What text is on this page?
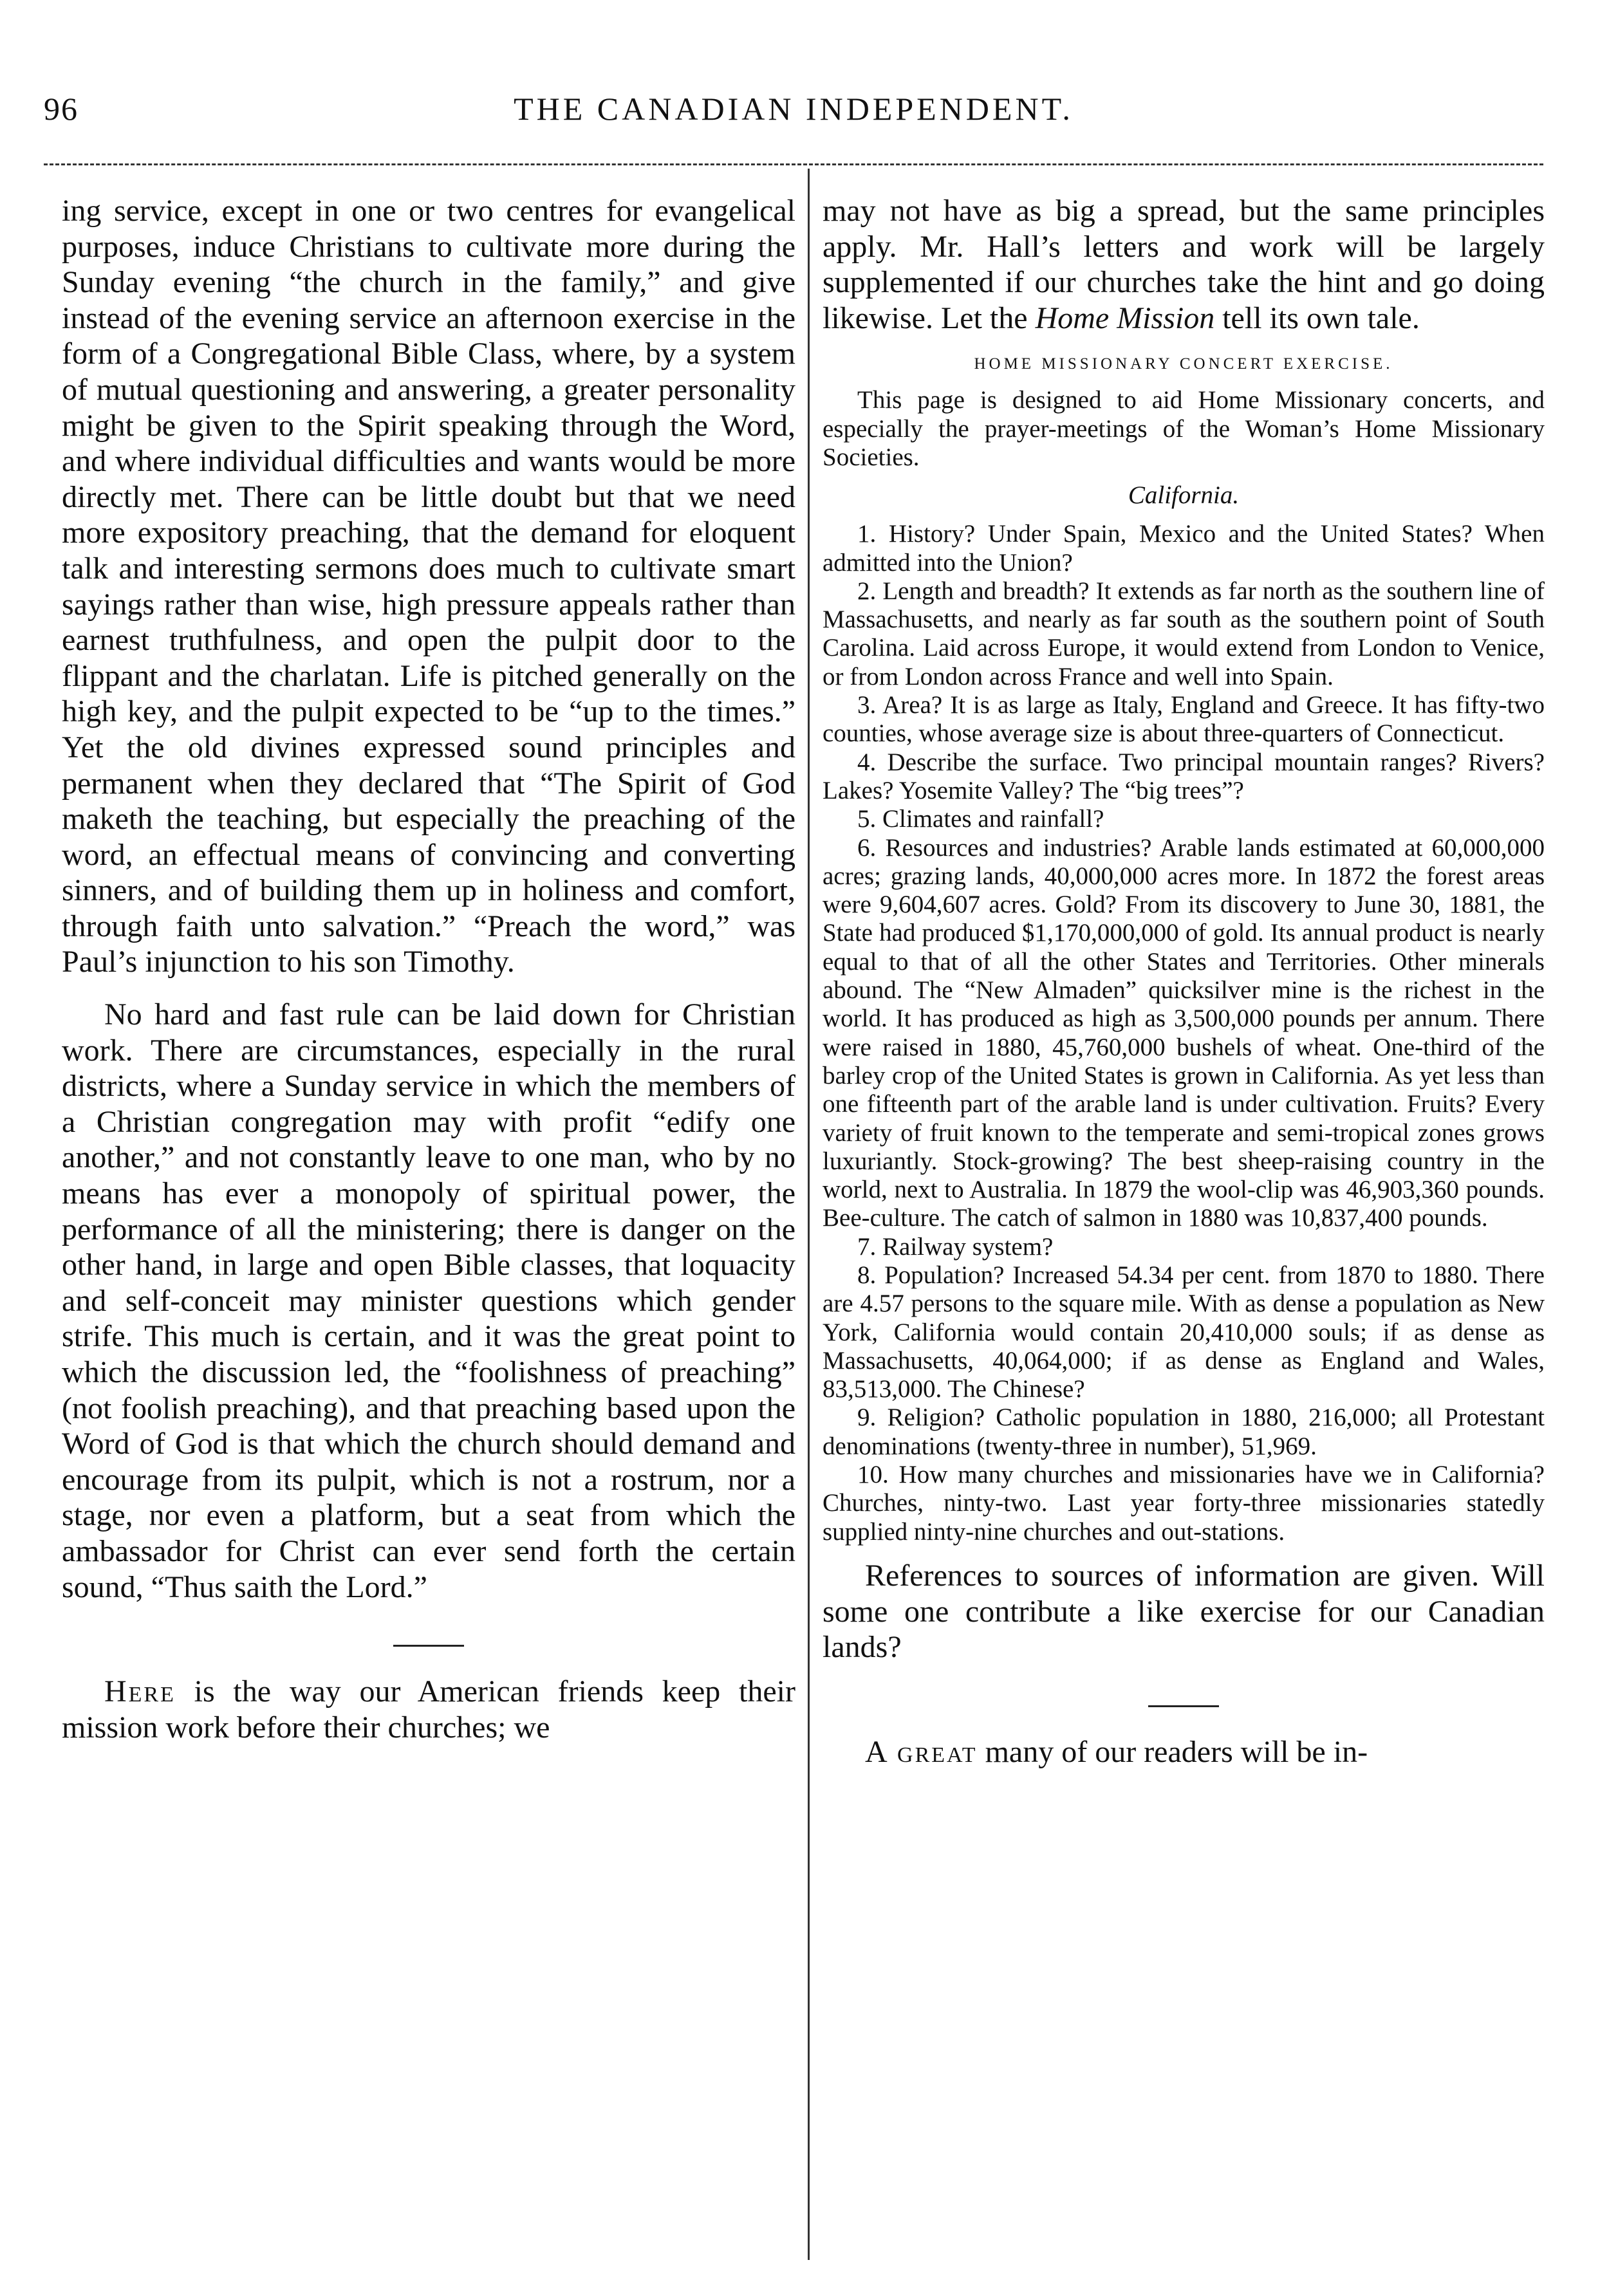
96	THE CANADIAN INDEPENDENT.

ing service, except in one or two centres for evangelical purposes, induce Christians to cultivate more during the Sunday evening “the church in the family,” and give instead of the evening service an afternoon exercise in the form of a Congregational Bible Class, where, by a system of mutual questioning and answering, a greater personality might be given to the Spirit speaking through the Word, and where individual difficulties and wants would be more directly met. There can be little doubt but that we need more expository preaching, that the demand for eloquent talk and interesting sermons does much to cultivate smart sayings rather than wise, high pressure appeals rather than earnest truthfulness, and open the pulpit door to the flippant and the charlatan. Life is pitched generally on the high key, and the pulpit expected to be “up to the times.” Yet the old divines expressed sound principles and permanent when they declared that “The Spirit of God maketh the teaching, but especially the preaching of the word, an effectual means of convincing and converting sinners, and of building them up in holiness and comfort, through faith unto salvation.” “Preach the word,” was Paul’s injunction to his son Timothy.

No hard and fast rule can be laid down for Christian work. There are circumstances, especially in the rural districts, where a Sunday service in which the members of a Christian congregation may with profit “edify one another,” and not constantly leave to one man, who by no means has ever a monopoly of spiritual power, the performance of all the ministering; there is danger on the other hand, in large and open Bible classes, that loquacity and self-conceit may minister questions which gender strife. This much is certain, and it was the great point to which the discussion led, the “foolishness of preaching” (not foolish preaching), and that preaching based upon the Word of God is that which the church should demand and encourage from its pulpit, which is not a rostrum, nor a stage, nor even a platform, but a seat from which the ambassador for Christ can ever send forth the certain sound, “Thus saith the Lord.”

Here is the way our American friends keep their mission work before their churches; we

may not have as big a spread, but the same principles apply. Mr. Hall’s letters and work will be largely supplemented if our churches take the hint and go doing likewise. Let the Home Mission tell its own tale.

HOME MISSIONARY CONCERT EXERCISE.

This page is designed to aid Home Missionary concerts, and especially the prayer-meetings of the Woman’s Home Missionary Societies.

California.

1. History? Under Spain, Mexico and the United States? When admitted into the Union?

2. Length and breadth? It extends as far north as the southern line of Massachusetts, and nearly as far south as the southern point of South Carolina. Laid across Europe, it would extend from London to Venice, or from London across France and well into Spain.

3. Area? It is as large as Italy, England and Greece. It has fifty-two counties, whose average size is about three-quarters of Connecticut.

4. Describe the surface. Two principal mountain ranges? Rivers? Lakes? Yosemite Valley? The “big trees”?

5. Climates and rainfall?

6. Resources and industries? Arable lands estimated at 60,000,000 acres; grazing lands, 40,000,000 acres more. In 1872 the forest areas were 9,604,607 acres. Gold? From its discovery to June 30, 1881, the State had produced $1,170,000,000 of gold. Its annual product is nearly equal to that of all the other States and Territories. Other minerals abound. The “New Almaden” quicksilver mine is the richest in the world. It has produced as high as 3,500,000 pounds per annum. There were raised in 1880, 45,760,000 bushels of wheat. One-third of the barley crop of the United States is grown in California. As yet less than one fifteenth part of the arable land is under cultivation. Fruits? Every variety of fruit known to the temperate and semi-tropical zones grows luxuriantly. Stock-growing? The best sheep-raising country in the world, next to Australia. In 1879 the wool-clip was 46,903,360 pounds. Bee-culture. The catch of salmon in 1880 was 10,837,400 pounds.

7. Railway system?

8. Population? Increased 54.34 per cent. from 1870 to 1880. There are 4.57 persons to the square mile. With as dense a population as New York, California would contain 20,410,000 souls; if as dense as Massachusetts, 40,064,000; if as dense as England and Wales, 83,513,000. The Chinese?

9. Religion? Catholic population in 1880, 216,000; all Protestant denominations (twenty-three in number), 51,969.

10. How many churches and missionaries have we in California? Churches, ninty-two. Last year forty-three missionaries statedly supplied ninty-nine churches and out-stations.

References to sources of information are given. Will some one contribute a like exercise for our Canadian lands?

A great many of our readers will be in-
